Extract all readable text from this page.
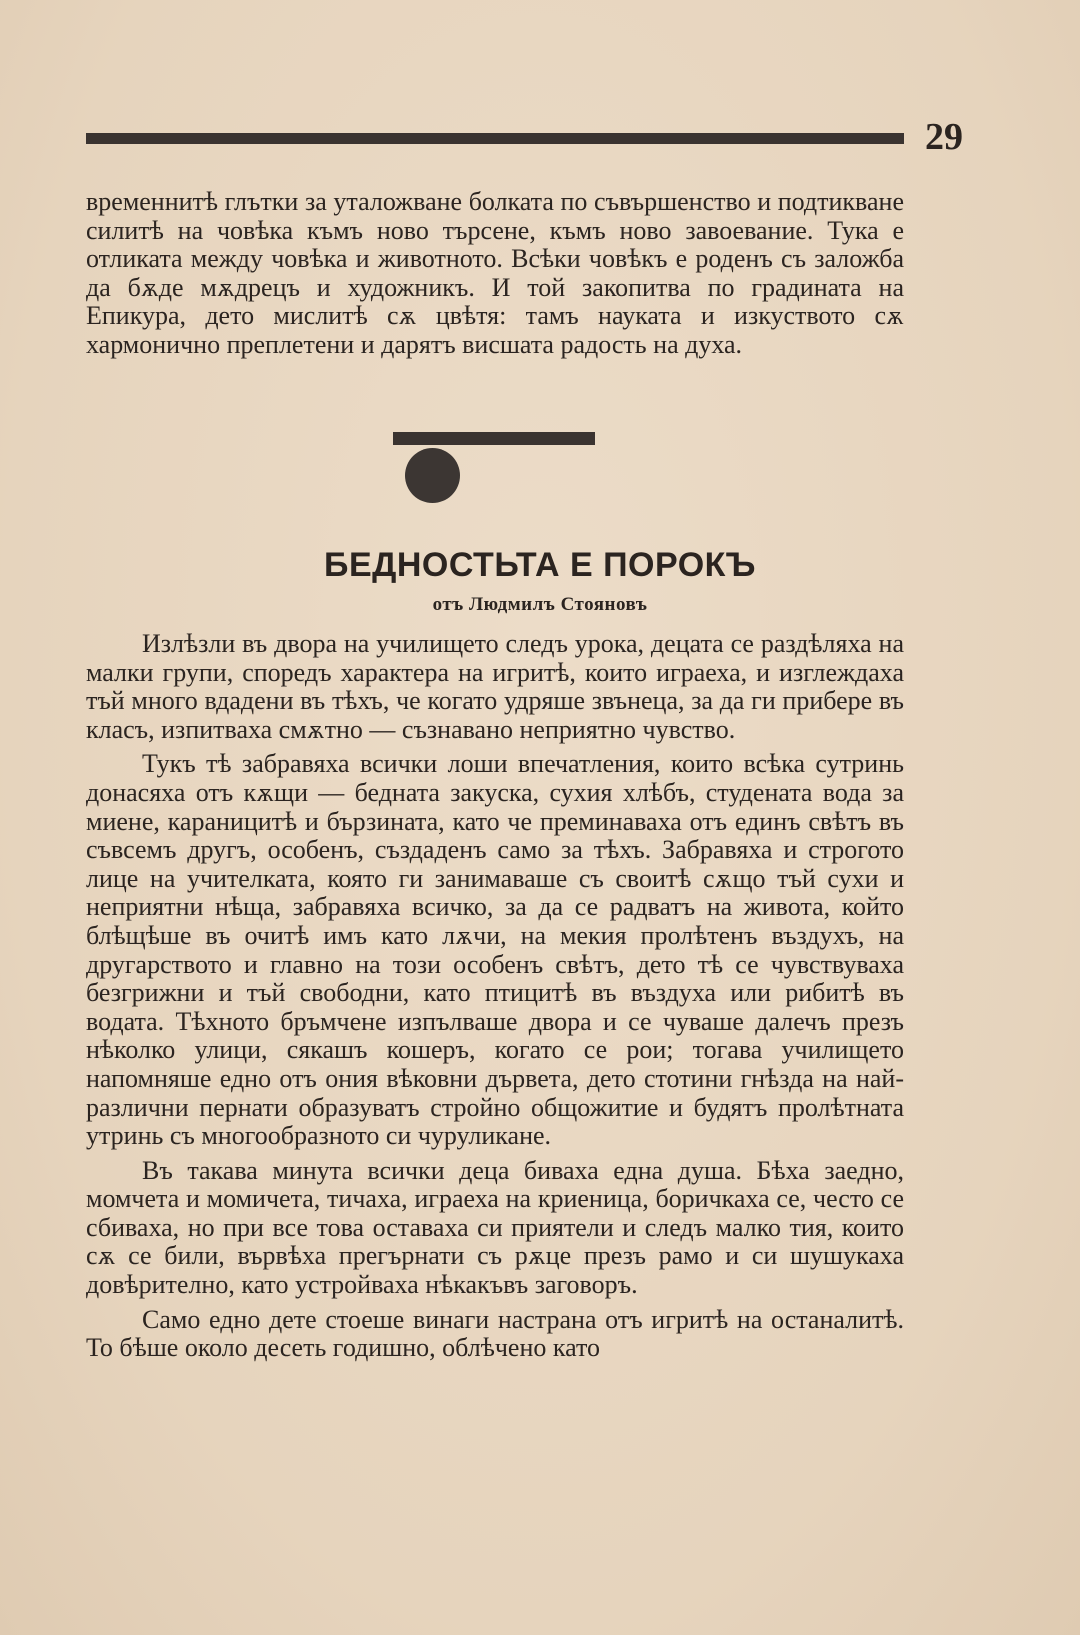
29

временнитѣ глътки за уталожване болката по съвършенство и подтикване силитѣ на човѣка къмъ ново търсене, къмъ ново завоевание. Тука е отликата между човѣка и животното. Всѣки човѣкъ е роденъ съ заложба да бѫде мѫдрецъ и художникъ. И той закопитва по градината на Епикура, дето мислитѣ сѫ цвѣтя: тамъ науката и изкуството сѫ хармонично преплетени и дарятъ висшата радость на духа.

БЕДНОСТЬТА Е ПОРОКЪ
отъ Людмилъ Стояновъ

Излѣзли въ двора на училището следъ урока, децата се раздѣляха на малки групи, споредъ характера на игритѣ, които играеха, и изглеждаха тъй много вдадени въ тѣхъ, че когато удряше звънеца, за да ги прибере въ класъ, изпитваха смѫтно — съзнавано неприятно чувство.

Тукъ тѣ забравяха всички лоши впечатления, които всѣка сутринь донасяха отъ кѫщи — бедната закуска, сухия хлѣбъ, студената вода за миене, караницитѣ и бързината, като че преминаваха отъ единъ свѣтъ въ съвсемъ другъ, особенъ, създаденъ само за тѣхъ. Забравяха и строгото лице на учителката, която ги занимаваше съ своитѣ сѫщо тъй сухи и неприятни нѣща, забравяха всичко, за да се радватъ на живота, който блѣщѣше въ очитѣ имъ като лѫчи, на мекия пролѣтенъ въздухъ, на другарството и главно на този особенъ свѣтъ, дето тѣ се чувствуваха безгрижни и тъй свободни, като птицитѣ въ въздуха или рибитѣ въ водата. Тѣхното бръмчене изпълваше двора и се чуваше далечъ презъ нѣколко улици, сякашъ кошеръ, когато се рои; тогава училището напомняше едно отъ ония вѣковни дървета, дето стотини гнѣзда на най-различни пернати образуватъ стройно общожитие и будятъ пролѣтната утринь съ многообразното си чуруликане.

Въ такава минута всички деца биваха една душа. Бѣха заедно, момчета и момичета, тичаха, играеха на криеница, боричкаха се, често се сбиваха, но при все това оставаха си приятели и следъ малко тия, които сѫ се били, вървѣха прегърнати съ рѫце презъ рамо и си шушукаха довѣрително, като устройваха нѣкакъвъ заговоръ.

Само едно дете стоеше винаги настрана отъ игритѣ на останалитѣ. То бѣше около десеть годишно, облѣчено като
